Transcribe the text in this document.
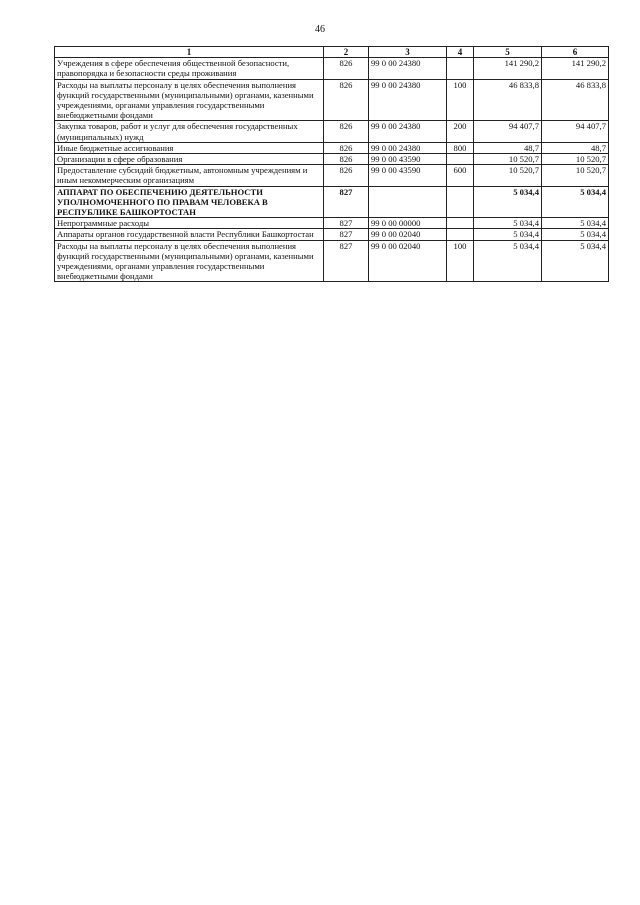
46
1	2	3	4	5	6
Учреждения в сфере обеспечения общественной безопасности, правопорядка и безопасности среды проживания	826	99 0 00 24380		141 290,2	141 290,2
Расходы на выплаты персоналу в целях обеспечения выполнения функций государственными (муниципальными) органами, казенными учреждениями, органами управления государственными внебюджетными фондами	826	99 0 00 24380	100	46 833,8	46 833,8
Закупка товаров, работ и услуг для обеспечения государственных (муниципальных) нужд	826	99 0 00 24380	200	94 407,7	94 407,7
Иные бюджетные ассигнования	826	99 0 00 24380	800	48,7	48,7
Организации в сфере образования	826	99 0 00 43590		10 520,7	10 520,7
Предоставление субсидий бюджетным, автономным учреждениям и иным некоммерческим организациям	826	99 0 00 43590	600	10 520,7	10 520,7
АППАРАТ ПО ОБЕСПЕЧЕНИЮ ДЕЯТЕЛЬНОСТИ УПОЛНОМОЧЕННОГО ПО ПРАВАМ ЧЕЛОВЕКА В РЕСПУБЛИКЕ БАШКОРТОСТАН	827			5 034,4	5 034,4
Непрограммные расходы	827	99 0 00 00000		5 034,4	5 034,4
Аппараты органов государственной власти Республики Башкортостан	827	99 0 00 02040		5 034,4	5 034,4
Расходы на выплаты персоналу в целях обеспечения выполнения функций государственными (муниципальными) органами, казенными учреждениями, органами управления государственными внебюджетными фондами	827	99 0 00 02040	100	5 034,4	5 034,4
